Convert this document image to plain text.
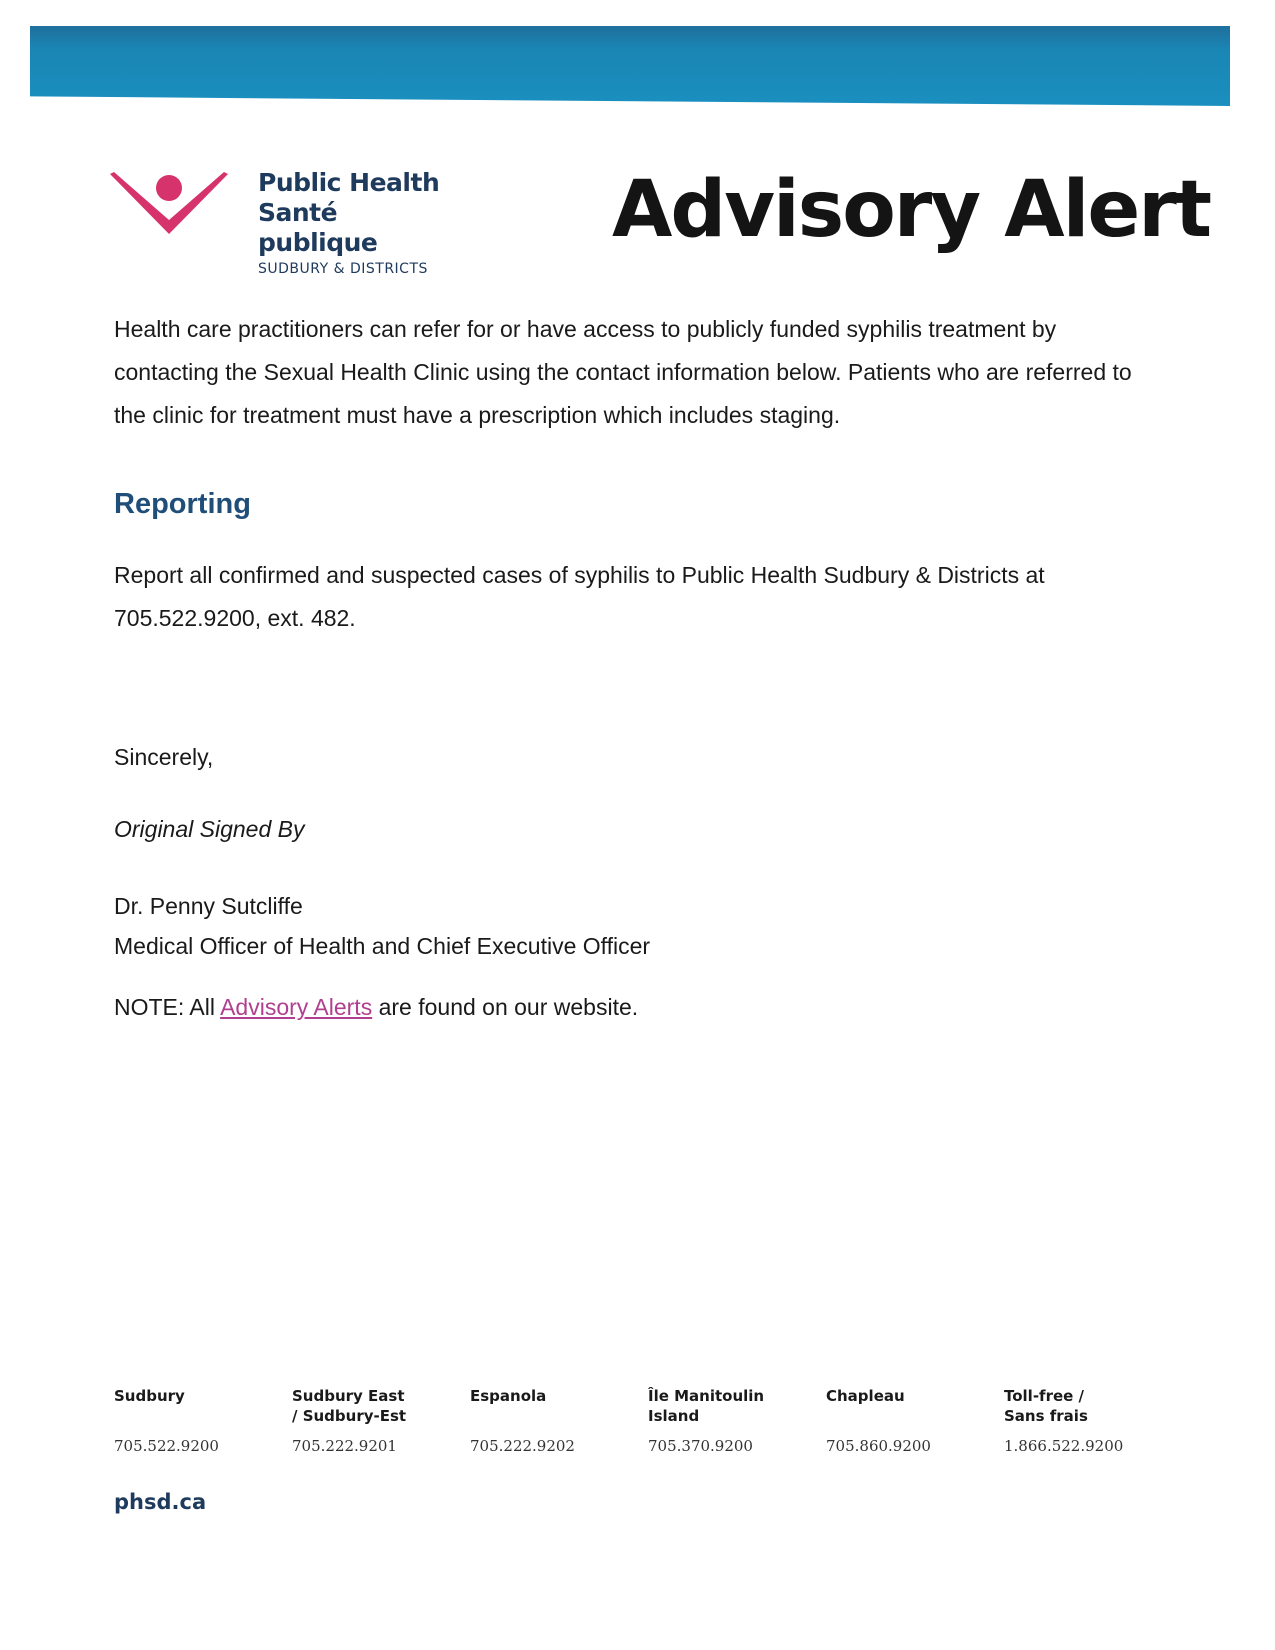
Public Health
Santé publique
SUDBURY & DISTRICTS
Advisory Alert
Health care practitioners can refer for or have access to publicly funded syphilis treatment by contacting the Sexual Health Clinic using the contact information below. Patients who are referred to the clinic for treatment must have a prescription which includes staging.
Reporting
Report all confirmed and suspected cases of syphilis to Public Health Sudbury & Districts at 705.522.9200, ext. 482.
Sincerely,
Original Signed By
Dr. Penny Sutcliffe
Medical Officer of Health and Chief Executive Officer
NOTE: All Advisory Alerts are found on our website.
Sudbury
705.522.9200
Sudbury East / Sudbury-Est
705.222.9201
Espanola
705.222.9202
Île Manitoulin Island
705.370.9200
Chapleau
705.860.9200
Toll-free / Sans frais
1.866.522.9200
phsd.ca
